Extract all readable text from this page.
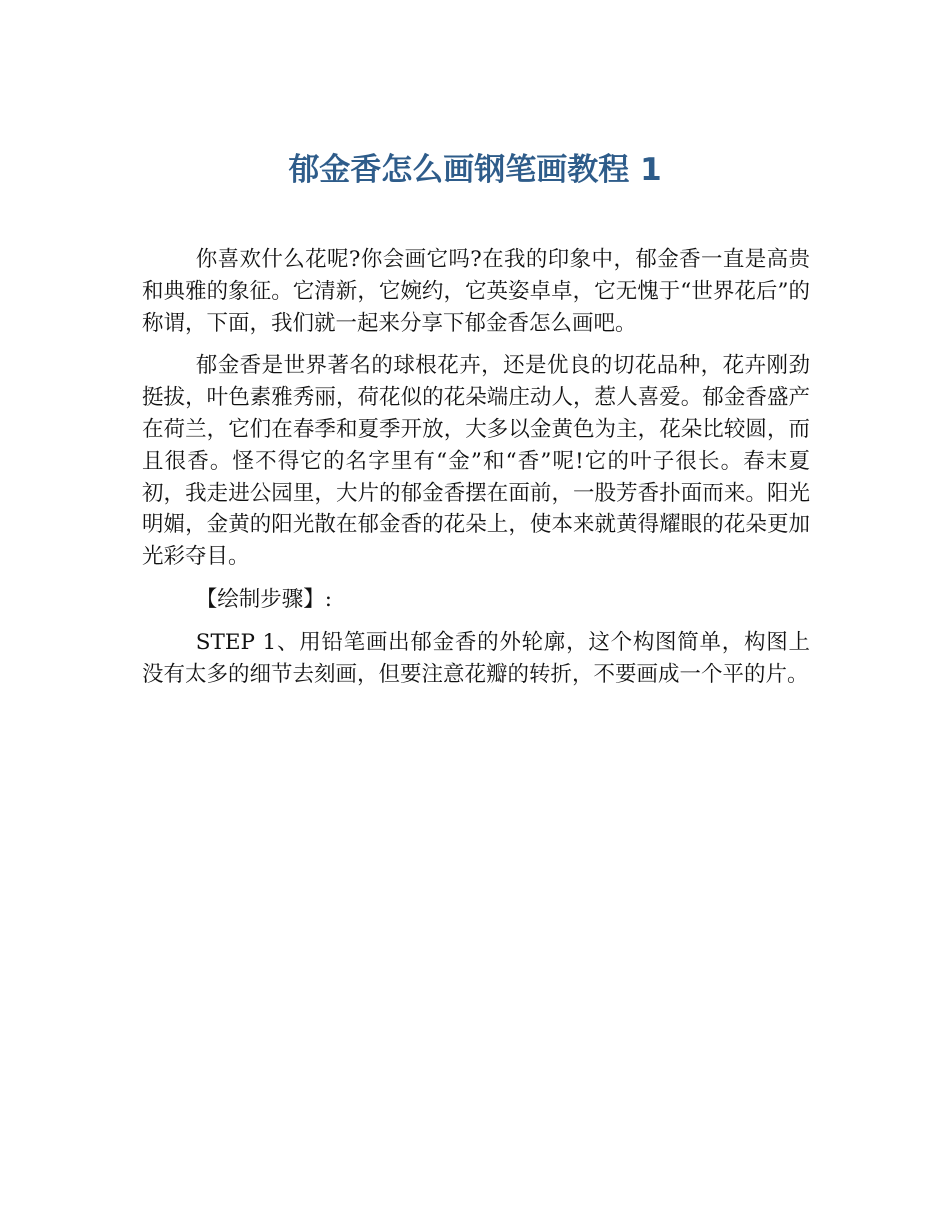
郁金香怎么画钢笔画教程 1

你喜欢什么花呢?你会画它吗?在我的印象中，郁金香一直是高贵和典雅的象征。它清新，它婉约，它英姿卓卓，它无愧于“世界花后”的称谓，下面，我们就一起来分享下郁金香怎么画吧。

郁金香是世界著名的球根花卉，还是优良的切花品种，花卉刚劲挺拔，叶色素雅秀丽，荷花似的花朵端庄动人，惹人喜爱。郁金香盛产在荷兰，它们在春季和夏季开放，大多以金黄色为主，花朵比较圆，而且很香。怪不得它的名字里有“金”和“香”呢!它的叶子很长。春末夏初，我走进公园里，大片的郁金香摆在面前，一股芳香扑面而来。阳光明媚，金黄的阳光散在郁金香的花朵上，使本来就黄得耀眼的花朵更加光彩夺目。

【绘制步骤】:

STEP 1、用铅笔画出郁金香的外轮廓，这个构图简单，构图上没有太多的细节去刻画，但要注意花瓣的转折，不要画成一个平的片。
